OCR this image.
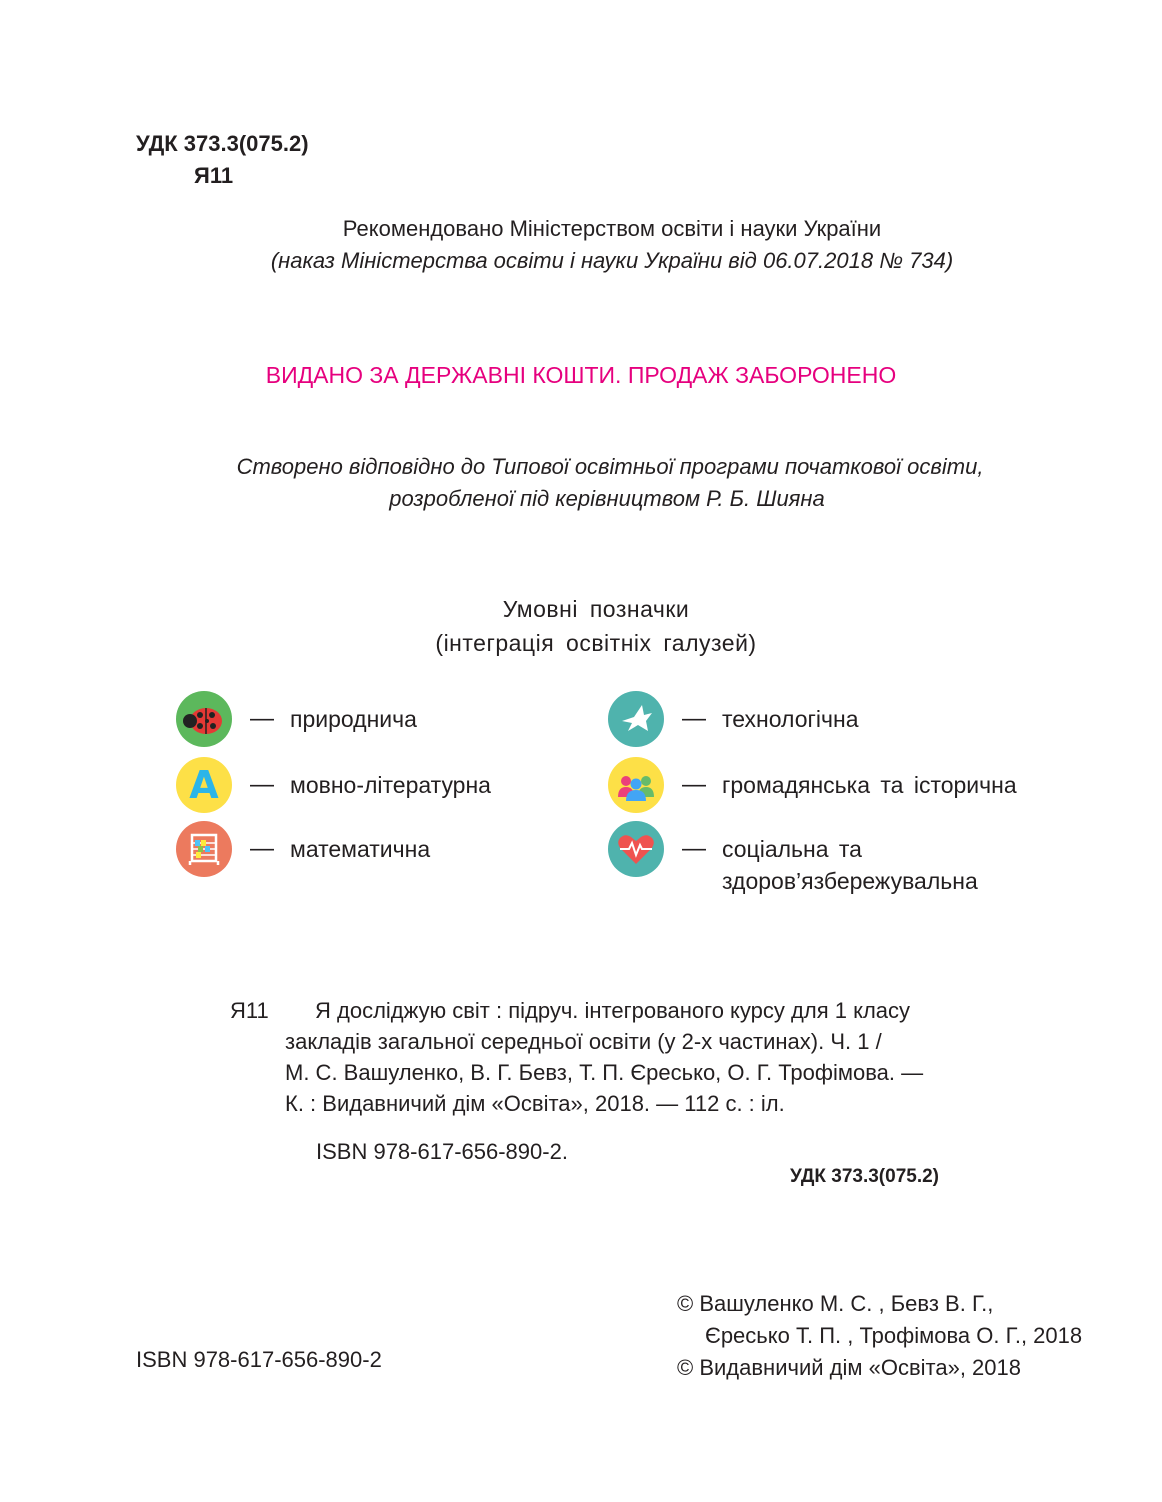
УДК 373.3(075.2)
Я11
Рекомендовано Міністерством освіти і науки України
(наказ Міністерства освіти і науки України від 06.07.2018 № 734)
ВИДАНО ЗА ДЕРЖАВНІ КОШТИ. ПРОДАЖ ЗАБОРОНЕНО
Створено відповідно до Типової освітньої програми початкової освіти,
розробленої під керівництвом Р. Б. Шияна
Умовні позначки
(інтеграція освітніх галузей)
— природнича
A — мовно-літературна
— математична
— технологічна
— громадянська та історична
— соціальна та
здоров’язбережувальна
Я11	Я досліджую світ : підруч. інтегрованого курсу для 1 класу
закладів загальної середньої освіти (у 2-х частинах). Ч. 1 /
М. С. Вашуленко, В. Г. Бевз, Т. П. Єресько, О. Г. Трофімова. —
К. : Видавничий дім «Освіта», 2018. — 112 с. : іл.
ISBN 978-617-656-890-2.
УДК 373.3(075.2)
ISBN 978-617-656-890-2
© Вашуленко М. С. , Бевз В. Г.,
Єресько Т. П. , Трофімова О. Г., 2018
© Видавничий дім «Освіта», 2018
